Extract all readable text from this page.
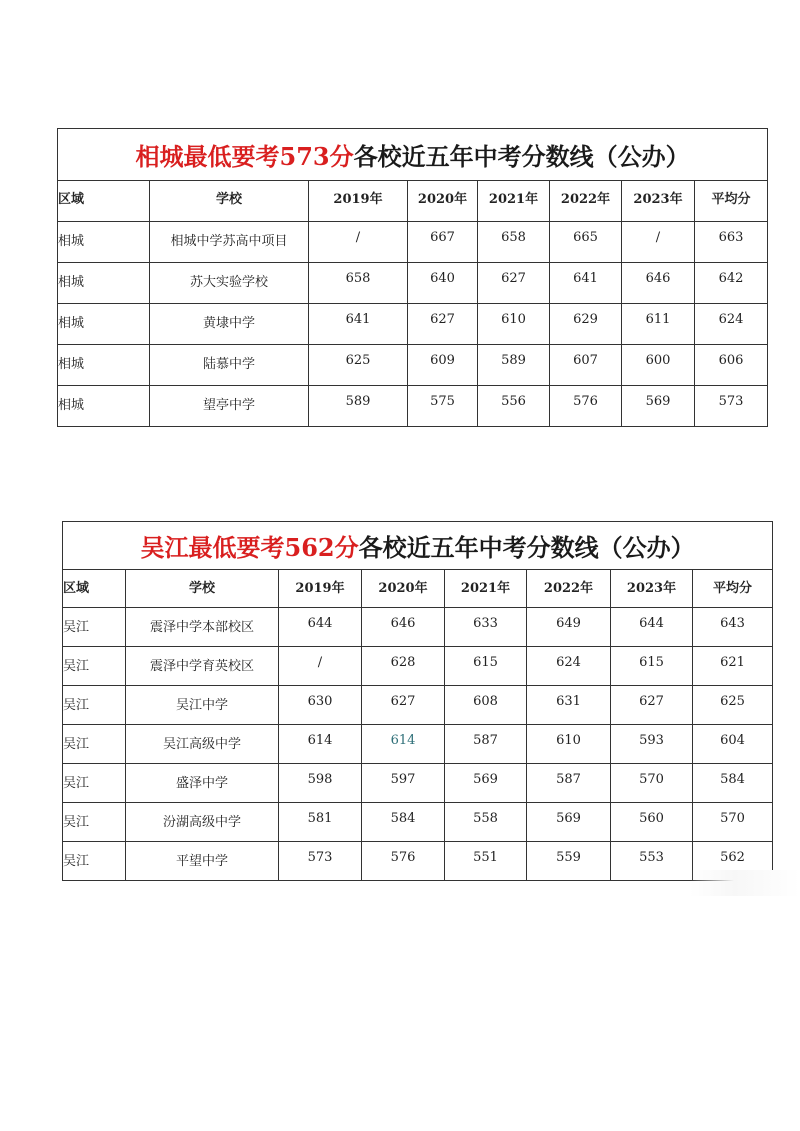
相城最低要考573分各校近五年中考分数线（公办）							
区域	学校	2019年	2020年	2021年	2022年	2023年	平均分
相城	相城中学苏高中项目	/	667	658	665	/	663
相城	苏大实验学校	658	640	627	641	646	642
相城	黄埭中学	641	627	610	629	611	624
相城	陆慕中学	625	609	589	607	600	606
相城	望亭中学	589	575	556	576	569	573
吴江最低要考562分各校近五年中考分数线（公办）							
区域	学校	2019年	2020年	2021年	2022年	2023年	平均分
吴江	震泽中学本部校区	644	646	633	649	644	643
吴江	震泽中学育英校区	/	628	615	624	615	621
吴江	吴江中学	630	627	608	631	627	625
吴江	吴江高级中学	614	614	587	610	593	604
吴江	盛泽中学	598	597	569	587	570	584
吴江	汾湖高级中学	581	584	558	569	560	570
吴江	平望中学	573	576	551	559	553	562
